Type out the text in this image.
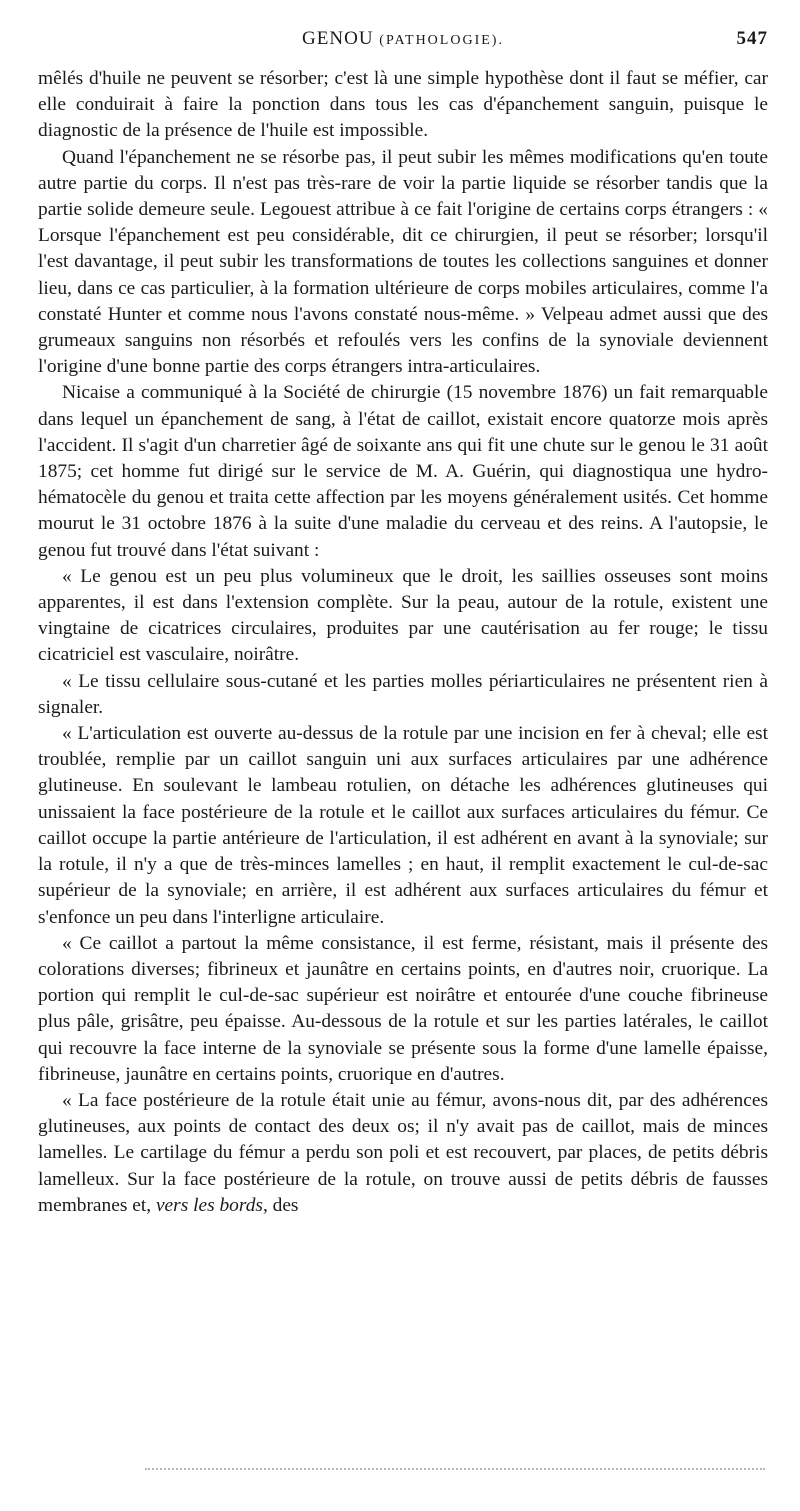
GENOU (PATHOLOGIE).	547

mêlés d'huile ne peuvent se résorber; c'est là une simple hypothèse dont il faut se méfier, car elle conduirait à faire la ponction dans tous les cas d'épanchement sanguin, puisque le diagnostic de la présence de l'huile est impossible.

Quand l'épanchement ne se résorbe pas, il peut subir les mêmes modifications qu'en toute autre partie du corps. Il n'est pas très-rare de voir la partie liquide se résorber tandis que la partie solide demeure seule. Legouest attribue à ce fait l'origine de certains corps étrangers : « Lorsque l'épanchement est peu considérable, dit ce chirurgien, il peut se résorber; lorsqu'il l'est davantage, il peut subir les transformations de toutes les collections sanguines et donner lieu, dans ce cas particulier, à la formation ultérieure de corps mobiles articulaires, comme l'a constaté Hunter et comme nous l'avons constaté nous-même. » Velpeau admet aussi que des grumeaux sanguins non résorbés et refoulés vers les confins de la synoviale deviennent l'origine d'une bonne partie des corps étrangers intra-articulaires.

Nicaise a communiqué à la Société de chirurgie (15 novembre 1876) un fait remarquable dans lequel un épanchement de sang, à l'état de caillot, existait encore quatorze mois après l'accident. Il s'agit d'un charretier âgé de soixante ans qui fit une chute sur le genou le 31 août 1875; cet homme fut dirigé sur le service de M. A. Guérin, qui diagnostiqua une hydro-hématocèle du genou et traita cette affection par les moyens généralement usités. Cet homme mourut le 31 octobre 1876 à la suite d'une maladie du cerveau et des reins. A l'autopsie, le genou fut trouvé dans l'état suivant :

« Le genou est un peu plus volumineux que le droit, les saillies osseuses sont moins apparentes, il est dans l'extension complète. Sur la peau, autour de la rotule, existent une vingtaine de cicatrices circulaires, produites par une cautérisation au fer rouge; le tissu cicatriciel est vasculaire, noirâtre.

« Le tissu cellulaire sous-cutané et les parties molles périarticulaires ne présentent rien à signaler.

« L'articulation est ouverte au-dessus de la rotule par une incision en fer à cheval; elle est troublée, remplie par un caillot sanguin uni aux surfaces articulaires par une adhérence glutineuse. En soulevant le lambeau rotulien, on détache les adhérences glutineuses qui unissaient la face postérieure de la rotule et le caillot aux surfaces articulaires du fémur. Ce caillot occupe la partie antérieure de l'articulation, il est adhérent en avant à la synoviale; sur la rotule, il n'y a que de très-minces lamelles ; en haut, il remplit exactement le cul-de-sac supérieur de la synoviale; en arrière, il est adhérent aux surfaces articulaires du fémur et s'enfonce un peu dans l'interligne articulaire.

« Ce caillot a partout la même consistance, il est ferme, résistant, mais il présente des colorations diverses; fibrineux et jaunâtre en certains points, en d'autres noir, cruorique. La portion qui remplit le cul-de-sac supérieur est noirâtre et entourée d'une couche fibrineuse plus pâle, grisâtre, peu épaisse. Au-dessous de la rotule et sur les parties latérales, le caillot qui recouvre la face interne de la synoviale se présente sous la forme d'une lamelle épaisse, fibrineuse, jaunâtre en certains points, cruorique en d'autres.

« La face postérieure de la rotule était unie au fémur, avons-nous dit, par des adhérences glutineuses, aux points de contact des deux os; il n'y avait pas de caillot, mais de minces lamelles. Le cartilage du fémur a perdu son poli et est recouvert, par places, de petits débris lamelleux. Sur la face postérieure de la rotule, on trouve aussi de petits débris de fausses membranes et, vers les bords, des
